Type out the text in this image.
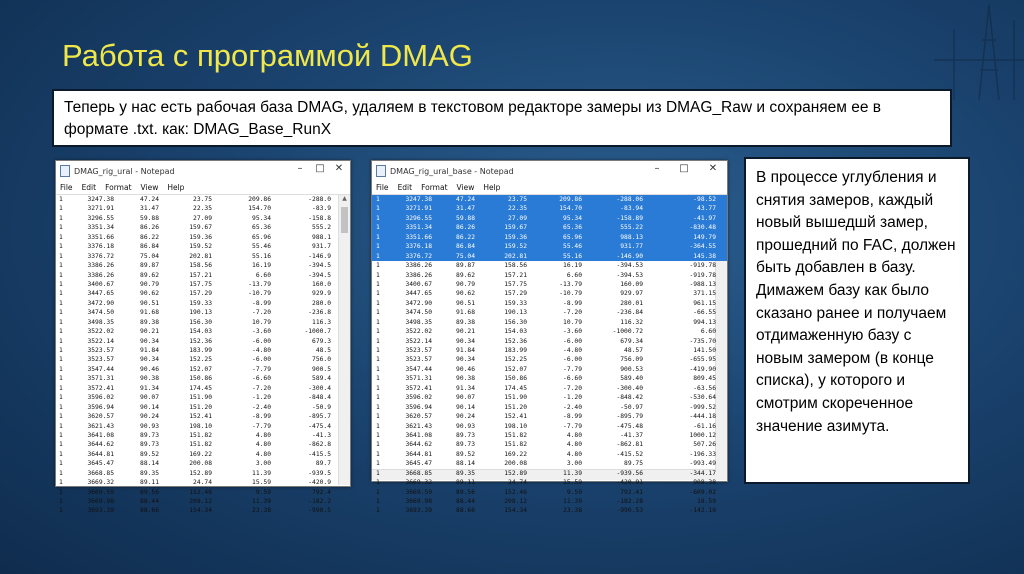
Работа с программой DMAG
Теперь у нас есть рабочая база DMAG, удаляем в текстовом редакторе замеры из DMAG_Raw и сохраняем ее в формате .txt. как: DMAG_Base_RunX
DMAG_rig_ural - Notepad	–	□	✕
File Edit Format View Help
▲
1	3247.38	47.24	23.75	209.86	-288.0
1	3271.91	31.47	22.35	154.70	-83.9
1	3296.55	59.88	27.09	95.34	-158.8
1	3351.34	86.26	159.67	65.36	555.2
1	3351.66	86.22	159.36	65.96	988.1
1	3376.18	86.84	159.52	55.46	931.7
1	3376.72	75.04	202.81	55.16	-146.9
1	3386.26	89.87	158.56	16.19	-394.5
1	3386.26	89.62	157.21	6.60	-394.5
1	3400.67	90.79	157.75	-13.79	160.0
1	3447.65	90.62	157.29	-10.79	929.9
1	3472.90	90.51	159.33	-8.99	280.0
1	3474.50	91.68	190.13	-7.20	-236.8
1	3498.35	89.38	156.30	10.79	116.3
1	3522.02	90.21	154.03	-3.60	-1000.7
1	3522.14	90.34	152.36	-6.00	679.3
1	3523.57	91.84	183.99	-4.80	48.5
1	3523.57	90.34	152.25	-6.00	756.0
1	3547.44	90.46	152.07	-7.79	900.5
1	3571.31	90.38	150.86	-6.60	589.4
1	3572.41	91.34	174.45	-7.20	-300.4
1	3596.02	90.07	151.90	-1.20	-848.4
1	3596.94	90.14	151.20	-2.40	-50.9
1	3620.57	90.24	152.41	-8.99	-895.7
1	3621.43	90.93	198.10	-7.79	-475.4
1	3641.08	89.73	151.82	4.80	-41.3
1	3644.62	89.73	151.82	4.80	-862.8
1	3644.81	89.52	169.22	4.80	-415.5
1	3645.47	88.14	200.08	3.00	89.7
1	3668.85	89.35	152.89	11.39	-939.5
1	3669.32	89.11	24.74	15.59	-420.9
1	3669.59	89.56	152.46	9.59	792.4
1	3669.98	88.44	208.12	11.39	-182.2
1	3693.39	88.66	154.34	23.38	-990.5
DMAG_rig_ural_base - Notepad	–	□	✕
File Edit Format View Help
1	3247.38	47.24	23.75	209.86	-288.06	-98.52
1	3271.91	31.47	22.35	154.70	-83.94	43.77
1	3296.55	59.88	27.09	95.34	-158.89	-41.97
1	3351.34	86.26	159.67	65.36	555.22	-830.48
1	3351.66	86.22	159.36	65.96	988.13	149.79
1	3376.18	86.84	159.52	55.46	931.77	-364.55
1	3376.72	75.04	202.81	55.16	-146.90	145.38
1	3386.26	89.87	158.56	16.19	-394.53	-919.78
1	3386.26	89.62	157.21	6.60	-394.53	-919.78
1	3400.67	90.79	157.75	-13.79	160.09	-988.13
1	3447.65	90.62	157.29	-10.79	929.97	371.15
1	3472.90	90.51	159.33	-8.99	280.01	961.15
1	3474.50	91.68	190.13	-7.20	-236.84	-66.55
1	3498.35	89.38	156.30	10.79	116.32	994.13
1	3522.02	90.21	154.03	-3.60	-1000.72	6.60
1	3522.14	90.34	152.36	-6.00	679.34	-735.70
1	3523.57	91.84	183.99	-4.80	48.57	141.50
1	3523.57	90.34	152.25	-6.00	756.09	-655.95
1	3547.44	90.46	152.07	-7.79	900.53	-419.90
1	3571.31	90.38	150.86	-6.60	589.40	809.45
1	3572.41	91.34	174.45	-7.20	-300.40	-63.56
1	3596.02	90.07	151.90	-1.20	-848.42	-530.64
1	3596.94	90.14	151.20	-2.40	-50.97	-999.52
1	3620.57	90.24	152.41	-8.99	-895.79	-444.18
1	3621.43	90.93	198.10	-7.79	-475.48	-61.16
1	3641.08	89.73	151.82	4.80	-41.37	1000.12
1	3644.62	89.73	151.82	4.80	-862.81	507.26
1	3644.81	89.52	169.22	4.80	-415.52	-196.33
1	3645.47	88.14	200.08	3.00	89.75	-993.49
1	3668.85	89.35	152.89	11.39	-939.56	-344.17
1	3669.32	89.11	24.74	15.59	-420.91	908.38
1	3669.59	89.56	152.46	9.59	792.41	-609.02
1	3669.98	88.44	208.12	11.39	-182.28	18.59
1	3693.39	88.66	154.34	23.38	-990.53	-142.10
В процессе углубления и снятия замеров, каждый новый вышедшй замер, прошедний по FAC, должен быть добавлен в базу. Димажем базу как было сказано ранее и получаем отдимаженную базу с новым замером (в конце списка), у которого и смотрим скореченное значение азимута.
